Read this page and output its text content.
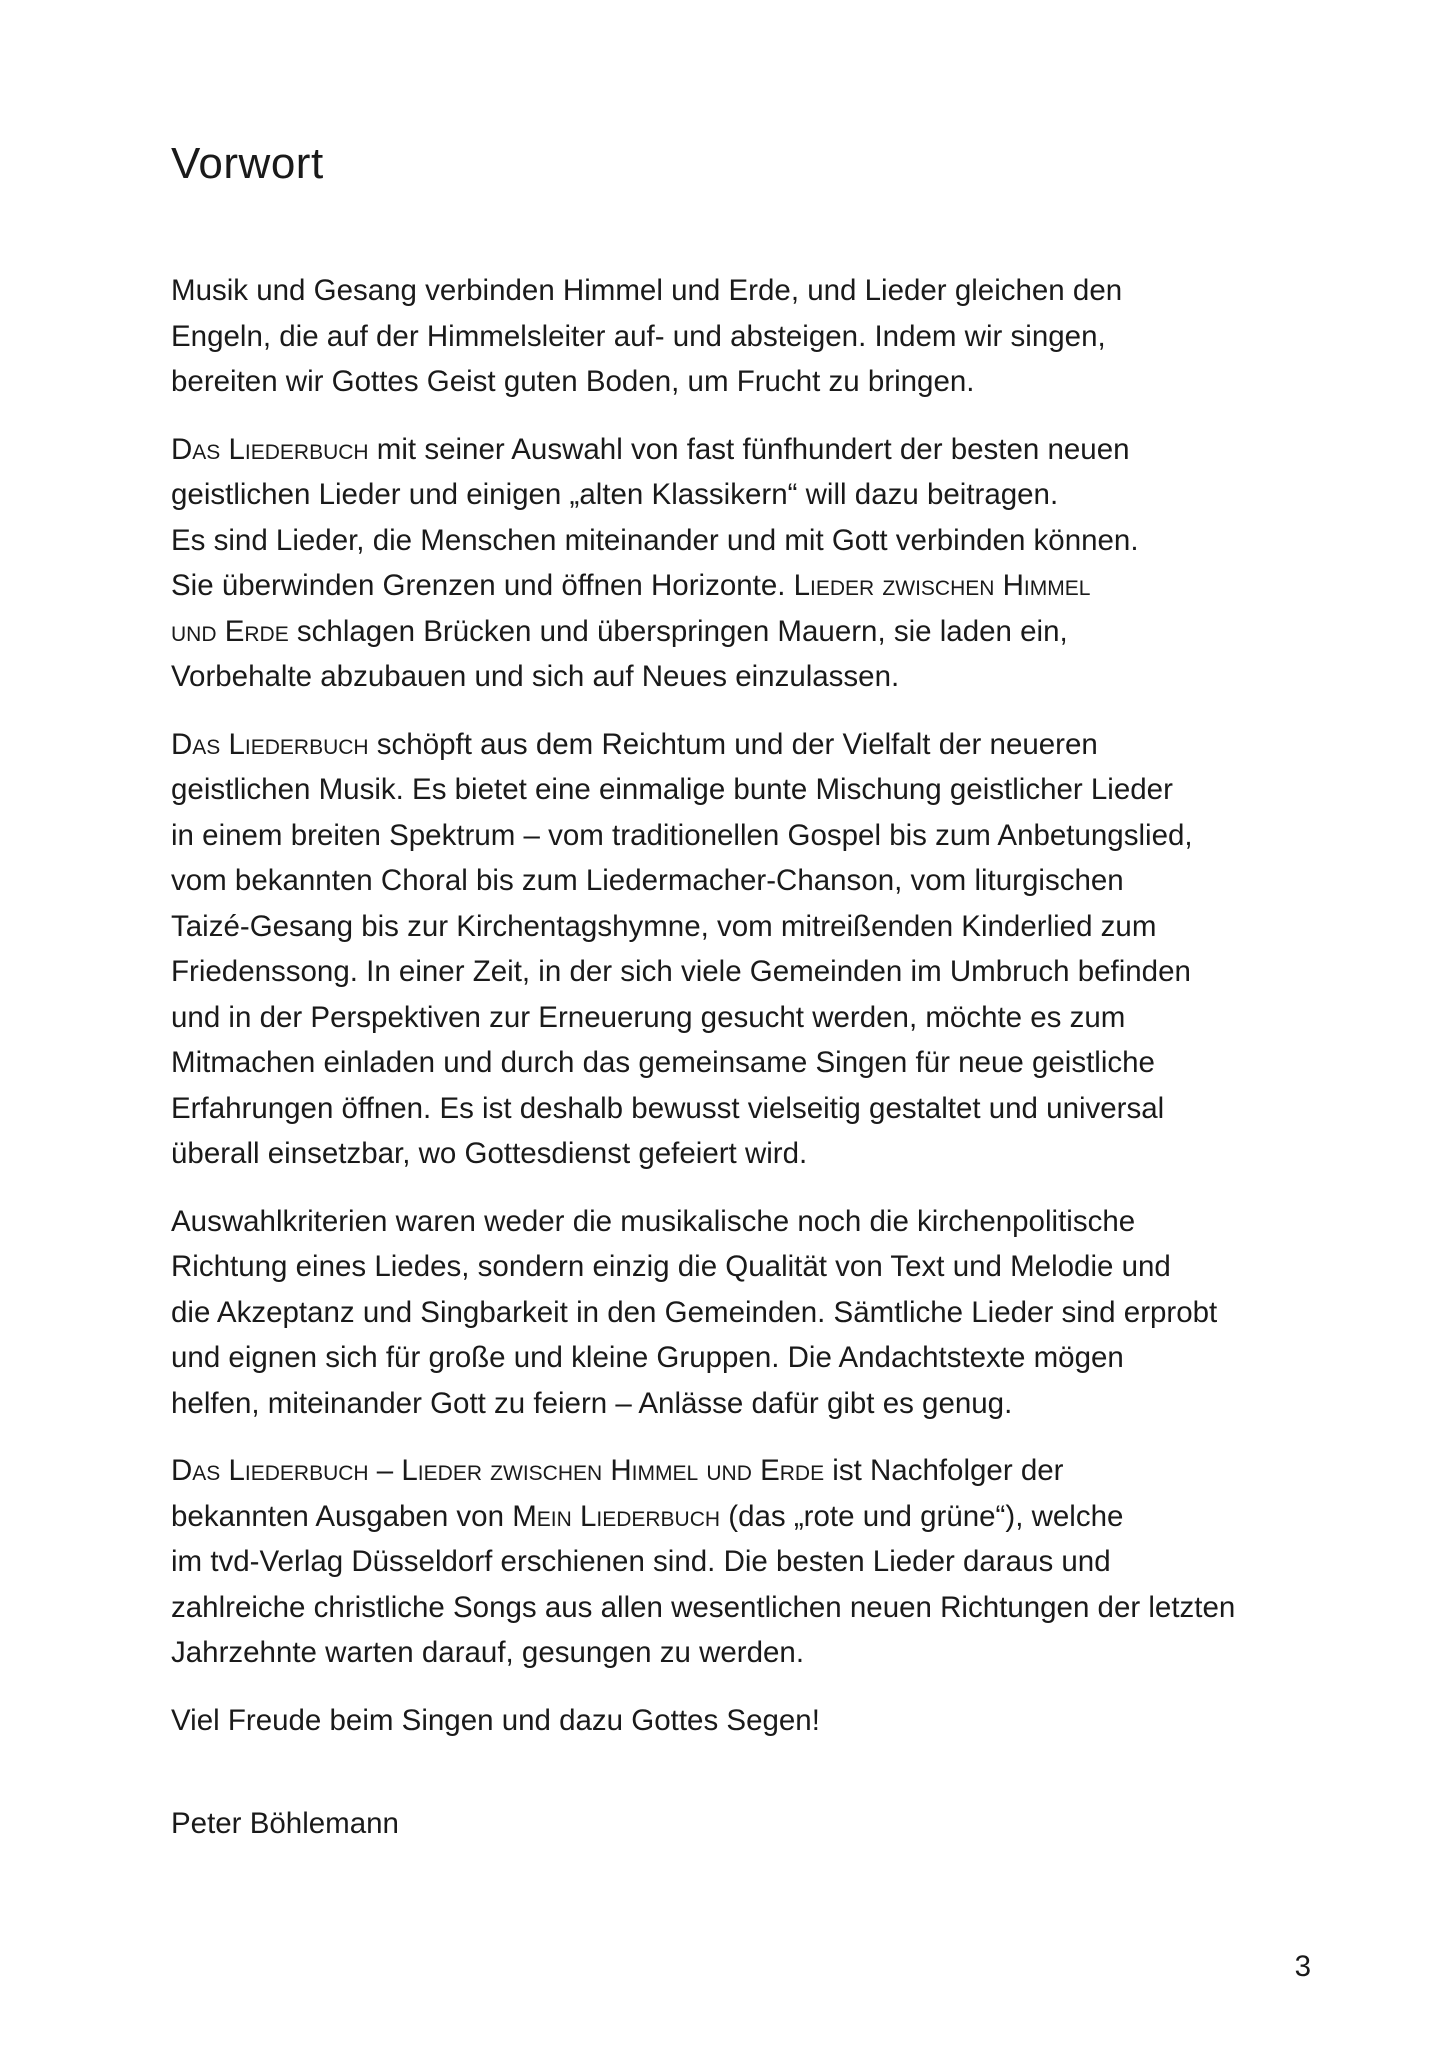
Vorwort

Musik und Gesang verbinden Himmel und Erde, und Lieder gleichen den
Engeln, die auf der Himmelsleiter auf- und absteigen. Indem wir singen,
bereiten wir Gottes Geist guten Boden, um Frucht zu bringen.

Das Liederbuch mit seiner Auswahl von fast fünfhundert der besten neuen
geistlichen Lieder und einigen „alten Klassikern“ will dazu beitragen.
Es sind Lieder, die Menschen miteinander und mit Gott verbinden können.
Sie überwinden Grenzen und öffnen Horizonte. Lieder zwischen Himmel
und Erde schlagen Brücken und überspringen Mauern, sie laden ein,
Vorbehalte abzubauen und sich auf Neues einzulassen.

Das Liederbuch schöpft aus dem Reichtum und der Vielfalt der neueren
geistlichen Musik. Es bietet eine einmalige bunte Mischung geistlicher Lieder
in einem breiten Spektrum – vom traditionellen Gospel bis zum Anbetungslied,
vom bekannten Choral bis zum Liedermacher-Chanson, vom liturgischen
Taizé-Gesang bis zur Kirchentagshymne, vom mitreißenden Kinderlied zum
Friedenssong. In einer Zeit, in der sich viele Gemeinden im Umbruch befinden
und in der Perspektiven zur Erneuerung gesucht werden, möchte es zum
Mitmachen einladen und durch das gemeinsame Singen für neue geistliche
Erfahrungen öffnen. Es ist deshalb bewusst vielseitig gestaltet und universal
überall einsetzbar, wo Gottesdienst gefeiert wird.

Auswahlkriterien waren weder die musikalische noch die kirchenpolitische
Richtung eines Liedes, sondern einzig die Qualität von Text und Melodie und
die Akzeptanz und Singbarkeit in den Gemeinden. Sämtliche Lieder sind erprobt
und eignen sich für große und kleine Gruppen. Die Andachtstexte mögen
helfen, miteinander Gott zu feiern – Anlässe dafür gibt es genug.

Das Liederbuch – Lieder zwischen Himmel und Erde ist Nachfolger der
bekannten Ausgaben von Mein Liederbuch (das „rote und grüne“), welche
im tvd-Verlag Düsseldorf erschienen sind. Die besten Lieder daraus und
zahlreiche christliche Songs aus allen wesentlichen neuen Richtungen der letzten
Jahrzehnte warten darauf, gesungen zu werden.

Viel Freude beim Singen und dazu Gottes Segen!

Peter Böhlemann

3
